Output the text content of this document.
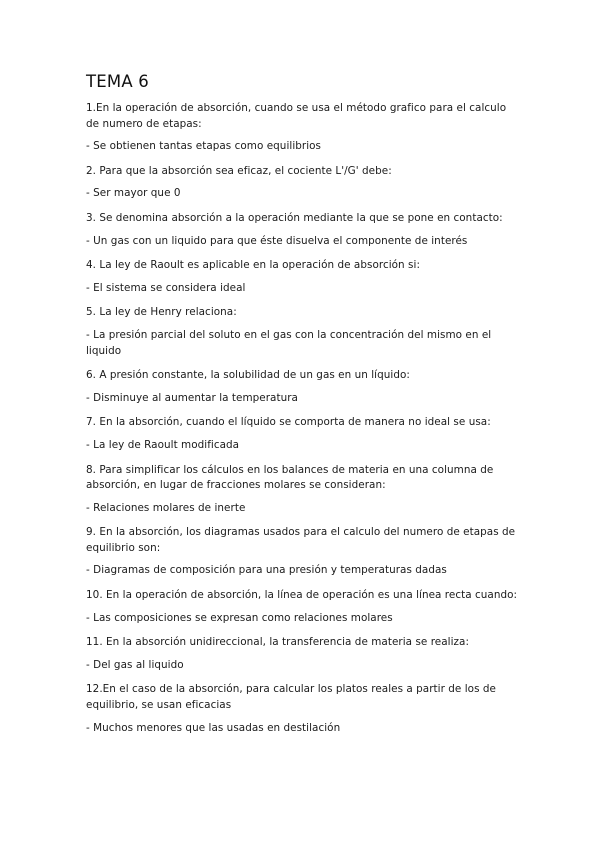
TEMA 6

1.En la operación de absorción, cuando se usa el método grafico para el calculo de numero de etapas:

- Se obtienen tantas etapas como equilibrios

2. Para que la absorción sea eficaz, el cociente L'/G' debe:

- Ser mayor que 0

3. Se denomina absorción a la operación mediante la que se pone en contacto:

- Un gas con un liquido para que éste disuelva el componente de interés

4. La ley de Raoult es aplicable en la operación de absorción si:

- El sistema se considera ideal

5. La ley de Henry relaciona:

- La presión parcial del soluto en el gas con la concentración del mismo en el liquido

6. A presión constante, la solubilidad de un gas en un líquido:

- Disminuye al aumentar la temperatura

7. En la absorción, cuando el líquido se comporta de manera no ideal se usa:

- La ley de Raoult modificada

8. Para simplificar los cálculos en los balances de materia en una columna de absorción, en lugar de fracciones molares se consideran:

- Relaciones molares de inerte

9. En la absorción, los diagramas usados para el calculo del numero de etapas de equilibrio son:

- Diagramas de composición para una presión y temperaturas dadas

10. En la operación de absorción, la línea de operación es una línea recta cuando:

- Las composiciones se expresan como relaciones molares

11. En la absorción unidireccional, la transferencia de materia se realiza:

- Del gas al liquido

12.En el caso de la absorción, para calcular los platos reales a partir de los de equilibrio, se usan eficacias

- Muchos menores que las usadas en destilación
